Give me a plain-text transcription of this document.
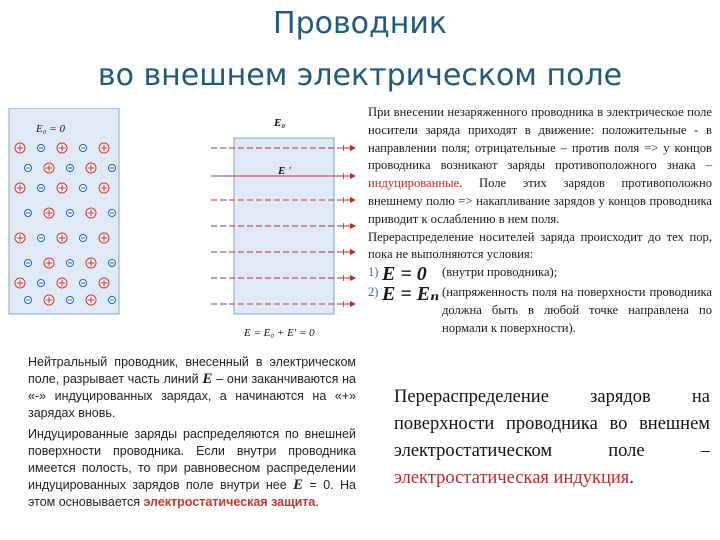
Проводник
во внешнем электрическом поле
E₀ = 0
−	+
−	+
−	+
−	+
−	+
−	+
−	+
E₀
E '
E = E₀ + E' = 0

Нейтральный проводник, внесенный в электрическом поле, разрывает часть линий E – они заканчиваются на «-» индуцированных зарядах, а начинаются на «+» зарядах вновь.

Индуцированные заряды распределяются по внешней поверхности проводника. Если внутри проводника имеется полость, то при равновесном распределении индуцированных зарядов поле внутри нее E = 0. На этом основывается электростатическая защита.

При внесении незаряженного проводника в электрическое поле носители заряда приходят в движение: положительные - в направлении поля; отрицательные – против поля => у концов проводника возникают заряды противоположного знака – индуцированные. Поле этих зарядов противоположно внешнему полю => накапливание зарядов у концов проводника приводит к ослаблению в нем поля.

Перераспределение носителей заряда происходит до тех пор, пока не выполняются условия:

1) E = 0	(внутри проводника);
2) E = Eₙ (напряженность поля на поверхности проводника должна быть в любой точке направлена по нормали к поверхности).
Перераспределение зарядов на поверхности проводника во внешнем электростатическом поле – электростатическая индукция.
